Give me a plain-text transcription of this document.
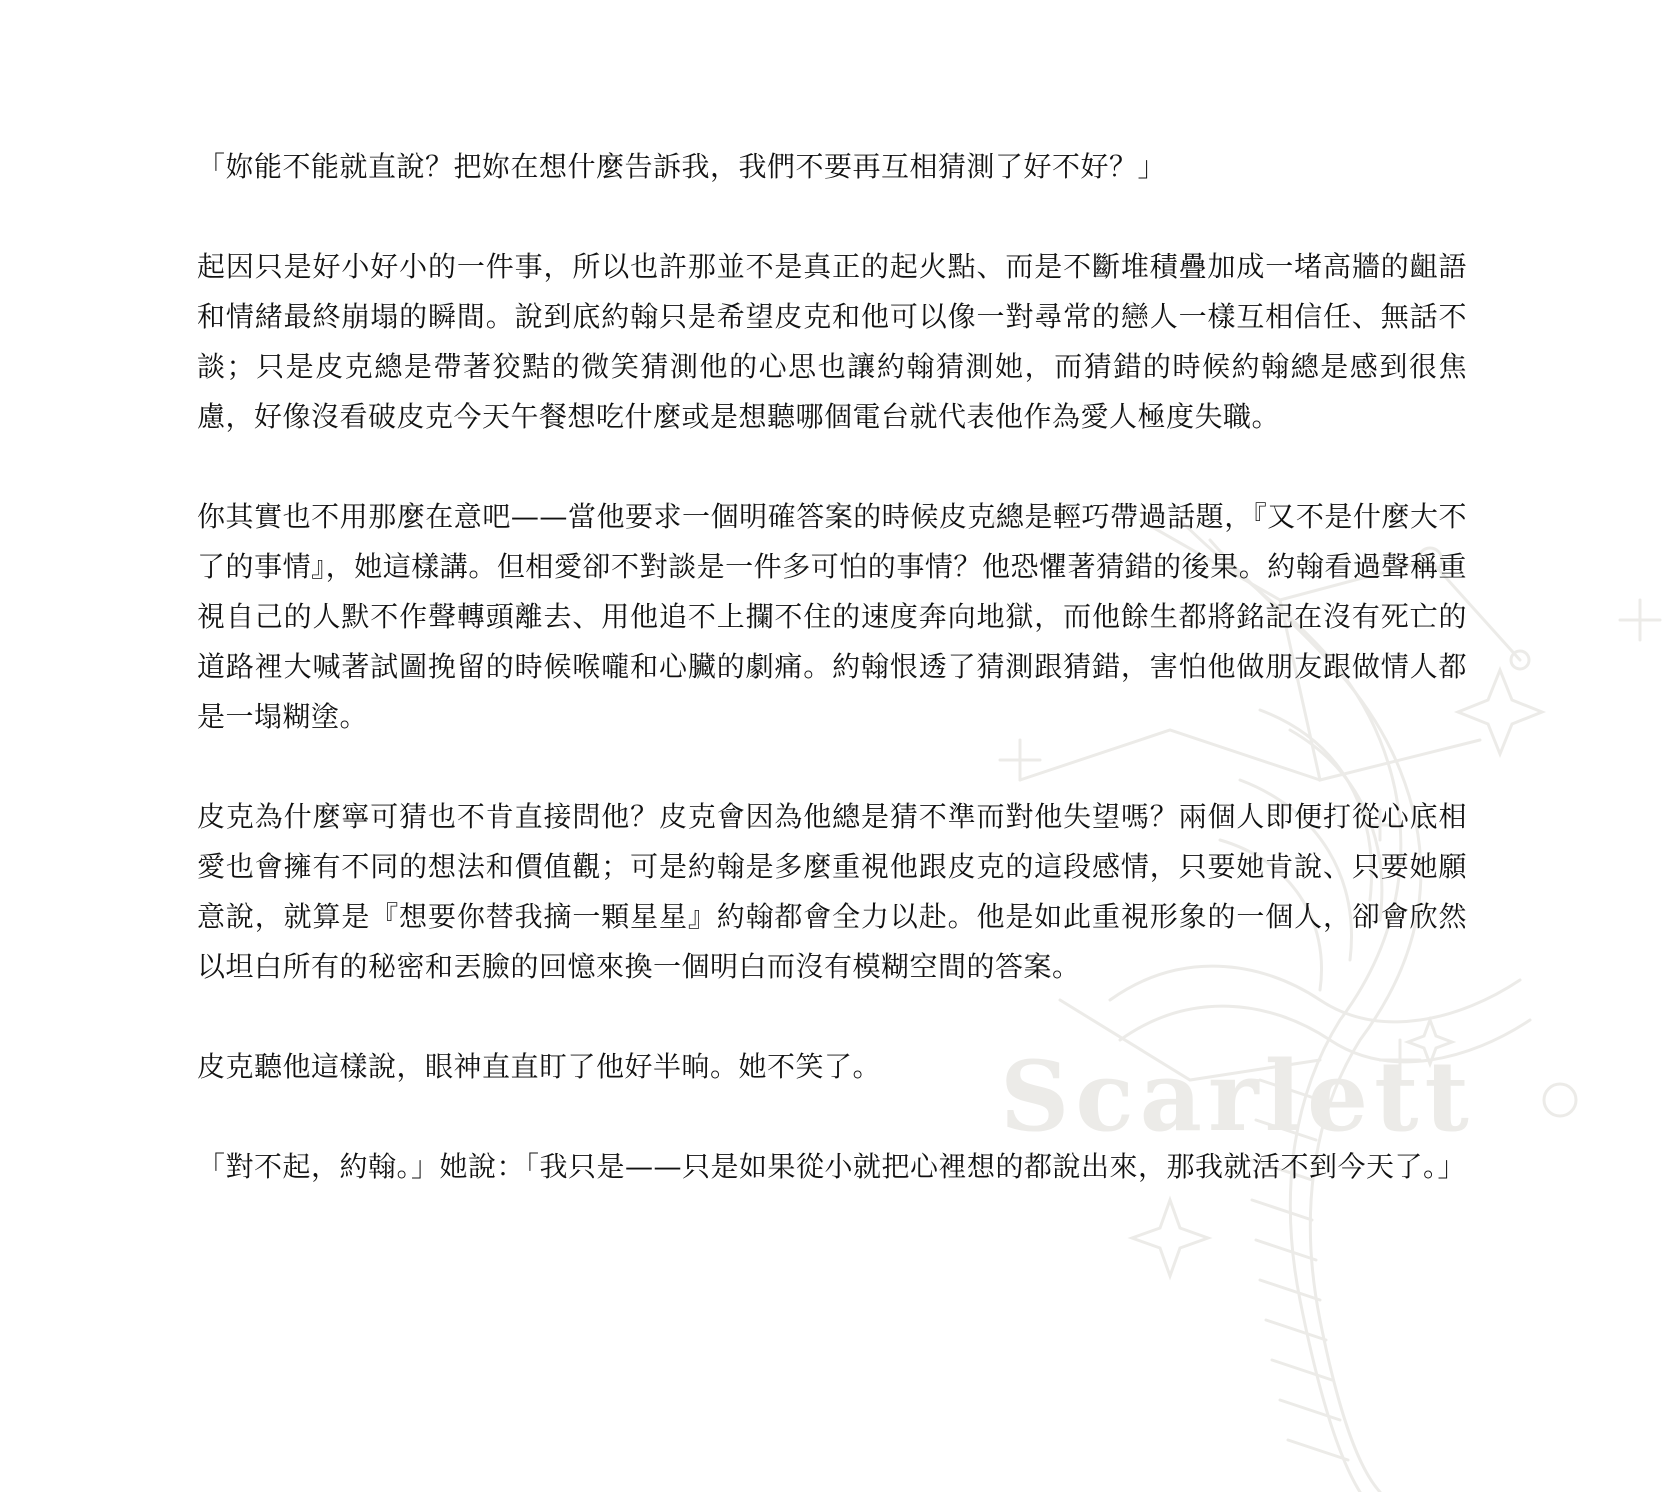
Scarlett

「妳能不能就直說？把妳在想什麼告訴我，我們不要再互相猜測了好不好？」

起因只是好小好小的一件事，所以也許那並不是真正的起火點、而是不斷堆積疊加成一堵高牆的齟語和情緒最終崩塌的瞬間。說到底約翰只是希望皮克和他可以像一對尋常的戀人一樣互相信任、無話不談；只是皮克總是帶著狡黠的微笑猜測他的心思也讓約翰猜測她，而猜錯的時候約翰總是感到很焦慮，好像沒看破皮克今天午餐想吃什麼或是想聽哪個電台就代表他作為愛人極度失職。

你其實也不用那麼在意吧——當他要求一個明確答案的時候皮克總是輕巧帶過話題，『又不是什麼大不了的事情』，她這樣講。但相愛卻不對談是一件多可怕的事情？他恐懼著猜錯的後果。約翰看過聲稱重視自己的人默不作聲轉頭離去、用他追不上攔不住的速度奔向地獄，而他餘生都將銘記在沒有死亡的道路裡大喊著試圖挽留的時候喉嚨和心臟的劇痛。約翰恨透了猜測跟猜錯，害怕他做朋友跟做情人都是一塌糊塗。

皮克為什麼寧可猜也不肯直接問他？皮克會因為他總是猜不準而對他失望嗎？兩個人即便打從心底相愛也會擁有不同的想法和價值觀；可是約翰是多麼重視他跟皮克的這段感情，只要她肯說、只要她願意說，就算是『想要你替我摘一顆星星』約翰都會全力以赴。他是如此重視形象的一個人，卻會欣然以坦白所有的秘密和丟臉的回憶來換一個明白而沒有模糊空間的答案。

皮克聽他這樣說，眼神直直盯了他好半晌。她不笑了。

「對不起，約翰。」她說：「我只是——只是如果從小就把心裡想的都說出來，那我就活不到今天了。」
